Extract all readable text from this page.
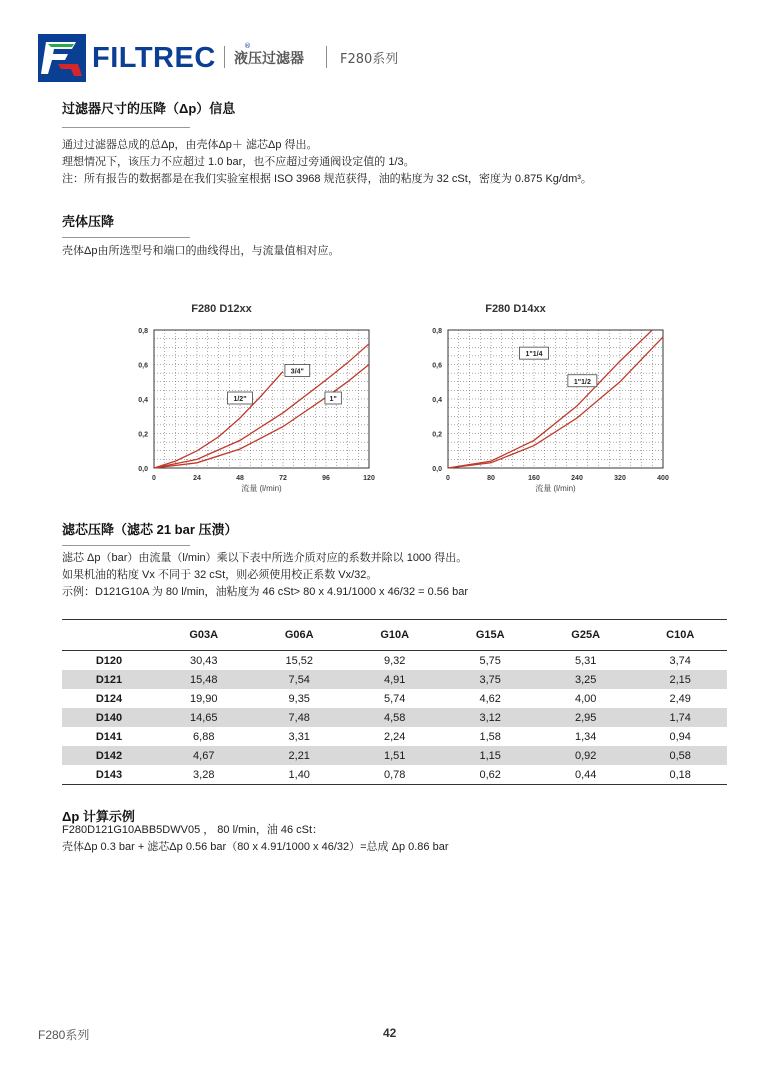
FILTREC	®
液压过滤器	F280系列
过滤器尺寸的压降（Δp）信息
通过过滤器总成的总Δp，由壳体Δp＋ 滤芯Δp 得出。
理想情况下，该压力不应超过 1.0 bar，也不应超过旁通阀设定值的 1/3。
注：所有报告的数据都是在我们实验室根据 ISO 3968 规范获得，油的粘度为 32 cSt，密度为 0.875 Kg/dm³。
壳体压降
壳体Δp由所选型号和端口的曲线得出，与流量值相对应。
F280 D12xx
0	24	48	72	96	120
0,0
0,2
0,4
0,6
0,8
流量 (l/min)
1/2"
3/4"
1"
F280 D14xx
0	80	160	240	320	400
0,0
0,2
0,4
0,6
0,8
流量 (l/min)
1"1/4
1"1/2
滤芯压降（滤芯 21 bar 压溃）
滤芯 Δp（bar）由流量（l/min）乘以下表中所选介质对应的系数并除以 1000 得出。
如果机油的粘度 Vx 不同于 32 cSt，则必须使用校正系数 Vx/32。
示例：D121G10A 为 80 l/min，油粘度为 46 cSt> 80 x 4.91/1000 x 46/32 = 0.56 bar
	G03A	G06A	G10A	G15A	G25A	C10A
D120	30,43	15,52	9,32	5,75	5,31	3,74
D121	15,48	7,54	4,91	3,75	3,25	2,15
D124	19,90	9,35	5,74	4,62	4,00	2,49
D140	14,65	7,48	4,58	3,12	2,95	1,74
D141	6,88	3,31	2,24	1,58	1,34	0,94
D142	4,67	2,21	1,51	1,15	0,92	0,58
D143	3,28	1,40	0,78	0,62	0,44	0,18
Δp 计算示例
F280D121G10ABB5DWV05 ， 80 l/min，油 46 cSt：
壳体Δp 0.3 bar + 滤芯Δp 0.56 bar（80 x 4.91/1000 x 46/32）=总成 Δp 0.86 bar
F280系列	42
